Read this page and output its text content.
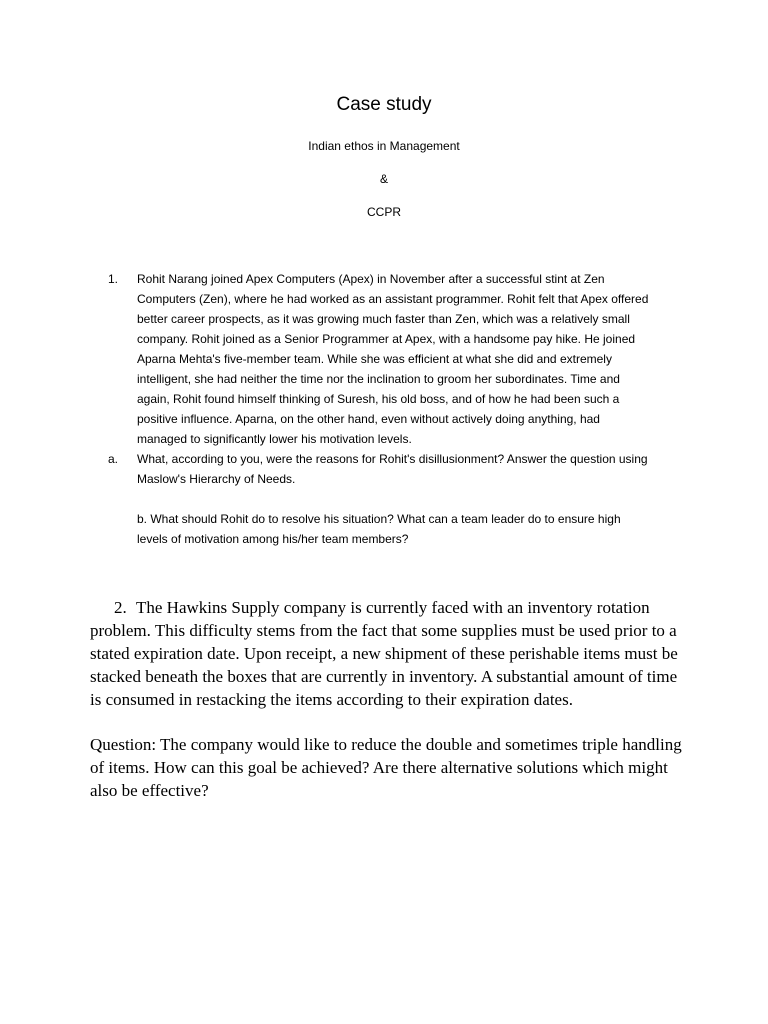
Case study
Indian ethos in Management
&
CCPR
1.	Rohit Narang joined Apex Computers (Apex) in November after a successful stint at Zen Computers (Zen), where he had worked as an assistant programmer. Rohit felt that Apex offered better career prospects, as it was growing much faster than Zen, which was a relatively small company. Rohit joined as a Senior Programmer at Apex, with a handsome pay hike. He joined Aparna Mehta's five-member team. While she was efficient at what she did and extremely intelligent, she had neither the time nor the inclination to groom her subordinates. Time and again, Rohit found himself thinking of Suresh, his old boss, and of how he had been such a positive influence. Aparna, on the other hand, even without actively doing anything, had managed to significantly lower his motivation levels.
a.	What, according to you, were the reasons for Rohit's disillusionment? Answer the question using Maslow's Hierarchy of Needs.
b. What should Rohit do to resolve his situation? What can a team leader do to ensure high levels of motivation among his/her team members?
2. The Hawkins Supply company is currently faced with an inventory rotation
problem. This difficulty stems from the fact that some supplies must be used prior to a stated expiration date. Upon receipt, a new shipment of these perishable items must be stacked beneath the boxes that are currently in inventory. A substantial amount of time is consumed in restacking the items according to their expiration dates.
Question: The company would like to reduce the double and sometimes triple handling of items. How can this goal be achieved? Are there alternative solutions which might also be effective?
